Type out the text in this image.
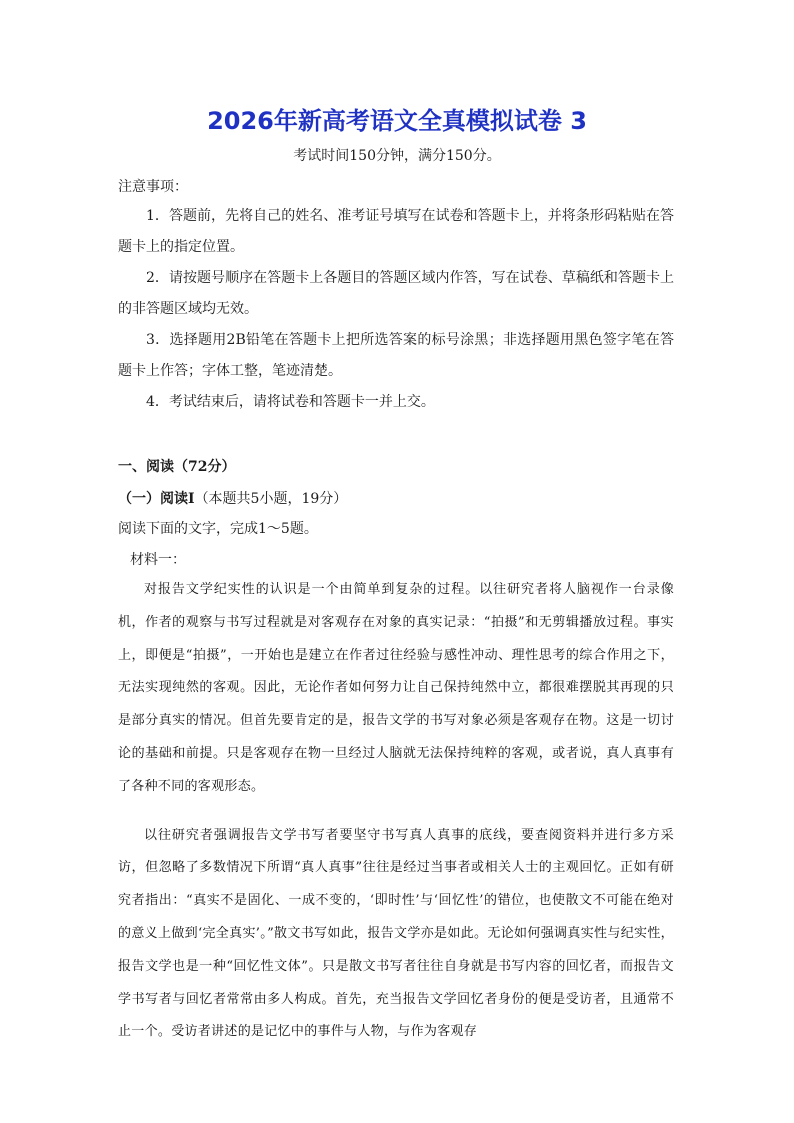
2026年新高考语文全真模拟试卷 3
考试时间150分钟，满分150分。
注意事项：
1．答题前，先将自己的姓名、准考证号填写在试卷和答题卡上，并将条形码粘贴在答题卡上的指定位置。
2．请按题号顺序在答题卡上各题目的答题区域内作答，写在试卷、草稿纸和答题卡上的非答题区域均无效。
3．选择题用2B铅笔在答题卡上把所选答案的标号涂黑；非选择题用黑色签字笔在答题卡上作答；字体工整，笔迹清楚。
4．考试结束后，请将试卷和答题卡一并上交。
一、阅读（72分）
（一）阅读Ⅰ（本题共5小题，19分）
阅读下面的文字，完成1～5题。
材料一：

对报告文学纪实性的认识是一个由简单到复杂的过程。以往研究者将人脑视作一台录像机，作者的观察与书写过程就是对客观存在对象的真实记录：“拍摄”和无剪辑播放过程。事实上，即便是“拍摄”，一开始也是建立在作者过往经验与感性冲动、理性思考的综合作用之下，无法实现纯然的客观。因此，无论作者如何努力让自己保持纯然中立，都很难摆脱其再现的只是部分真实的情况。但首先要肯定的是，报告文学的书写对象必须是客观存在物。这是一切讨论的基础和前提。只是客观存在物一旦经过人脑就无法保持纯粹的客观，或者说，真人真事有了各种不同的客观形态。

以往研究者强调报告文学书写者要坚守书写真人真事的底线，要查阅资料并进行多方采访，但忽略了多数情况下所谓“真人真事”往往是经过当事者或相关人士的主观回忆。正如有研究者指出：“真实不是固化、一成不变的，‘即时性’与‘回忆性’的错位，也使散文不可能在绝对的意义上做到‘完全真实’。”散文书写如此，报告文学亦是如此。无论如何强调真实性与纪实性，报告文学也是一种“回忆性文体”。只是散文书写者往往自身就是书写内容的回忆者，而报告文学书写者与回忆者常常由多人构成。首先，充当报告文学回忆者身份的便是受访者，且通常不止一个。受访者讲述的是记忆中的事件与人物，与作为客观存
